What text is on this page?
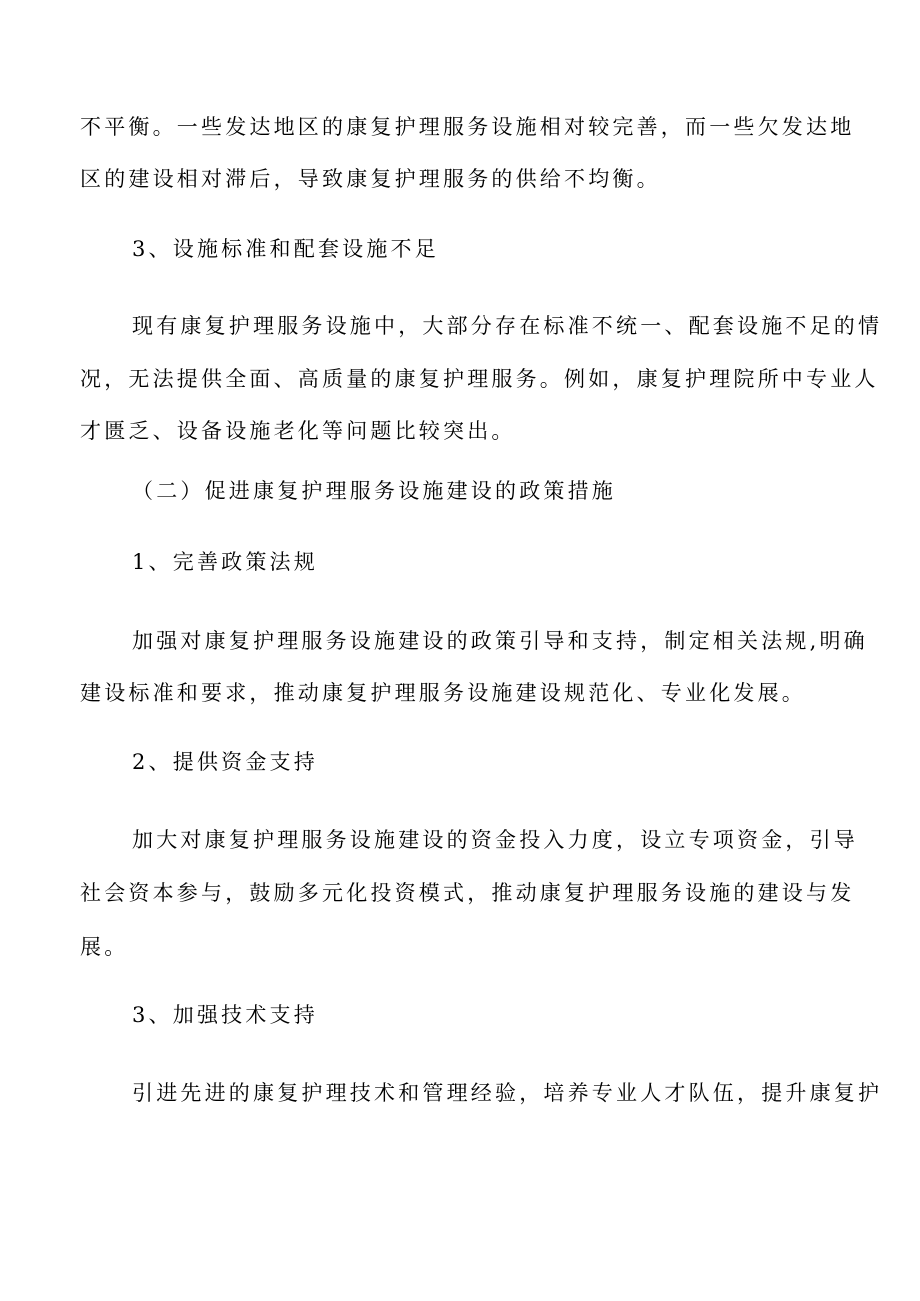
不平衡。一些发达地区的康复护理服务设施相对较完善，而一些欠发达地
区的建设相对滞后，导致康复护理服务的供给不均衡。
3、设施标准和配套设施不足
现有康复护理服务设施中，大部分存在标准不统一、配套设施不足的情
况，无法提供全面、高质量的康复护理服务。例如，康复护理院所中专业人
才匮乏、设备设施老化等问题比较突出。
（二）促进康复护理服务设施建设的政策措施
1、完善政策法规
加强对康复护理服务设施建设的政策引导和支持，制定相关法规,明确
建设标准和要求，推动康复护理服务设施建设规范化、专业化发展。
2、提供资金支持
加大对康复护理服务设施建设的资金投入力度，设立专项资金，引导
社会资本参与，鼓励多元化投资模式，推动康复护理服务设施的建设与发
展。
3、加强技术支持
引进先进的康复护理技术和管理经验，培养专业人才队伍，提升康复护
